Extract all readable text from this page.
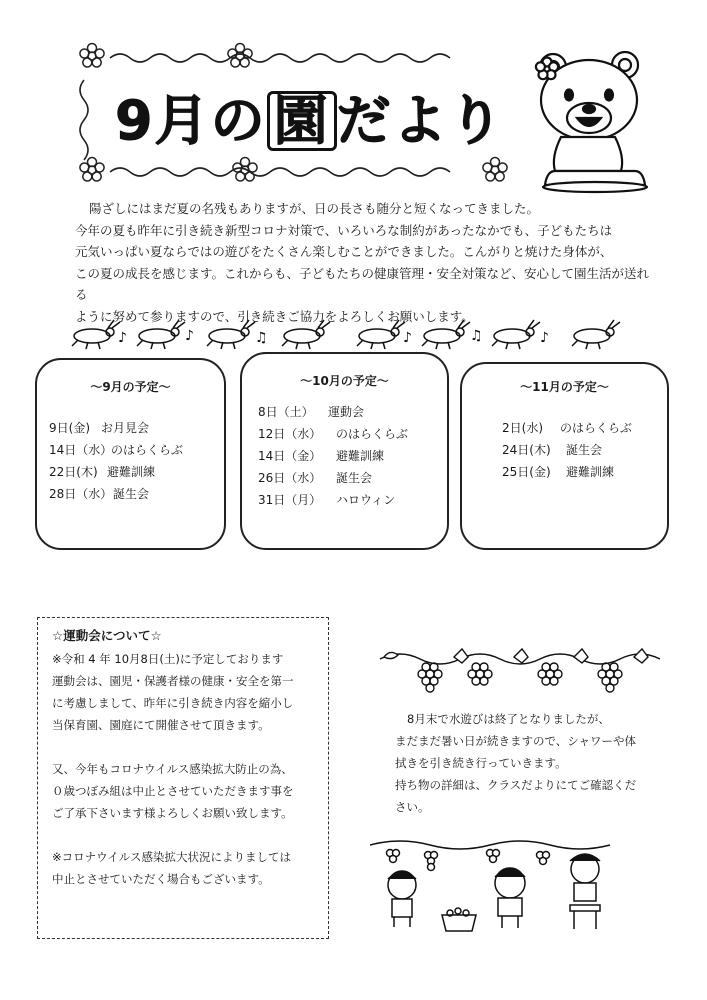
9月の 園 だより

陽ざしにはまだ夏の名残もありますが、日の長さも随分と短くなってきました。

今年の夏も昨年に引き続き新型コロナ対策で、いろいろな制約があったなかでも、子どもたちは

元気いっぱい夏ならではの遊びをたくさん楽しむことができました。こんがりと焼けた身体が、

この夏の成長を感じます。これからも、子どもたちの健康管理・安全対策など、安心して園生活が送れる

ように努めて参りますので、引き続きご協力をよろしくお願いします。

♪	♪	♫	♪	♫	♪
～9月の予定～
9日(金) お月見会
14日（水）のはらくらぶ
22日(木) 避難訓練
28日（水）誕生会
～10月の予定～
8日（土） 運動会
12日（水） のはらくらぶ
14日（金） 避難訓練
26日（水） 誕生会
31日（月） ハロウィン
～11月の予定～
2日(水) のはらくらぶ
24日(木) 誕生会
25日(金) 避難訓練
☆運動会について☆

※令和 4 年 10月8日(土)に予定しております

運動会は、園児・保護者様の健康・安全を第一

に考慮しまして、昨年に引き続き内容を縮小し

当保育園、園庭にて開催させて頂きます。

又、今年もコロナウイルス感染拡大防止の為、

０歳つぼみ組は中止とさせていただきます事を

ご了承下さいます様よろしくお願い致します。

※コロナウイルス感染拡大状況によりましては

中止とさせていただく場合もございます。

8月末で水遊びは終了となりましたが、

まだまだ暑い日が続きますので、シャワーや体

拭きを引き続き行っていきます。

持ち物の詳細は、クラスだよりにてご確認くだ

さい。
